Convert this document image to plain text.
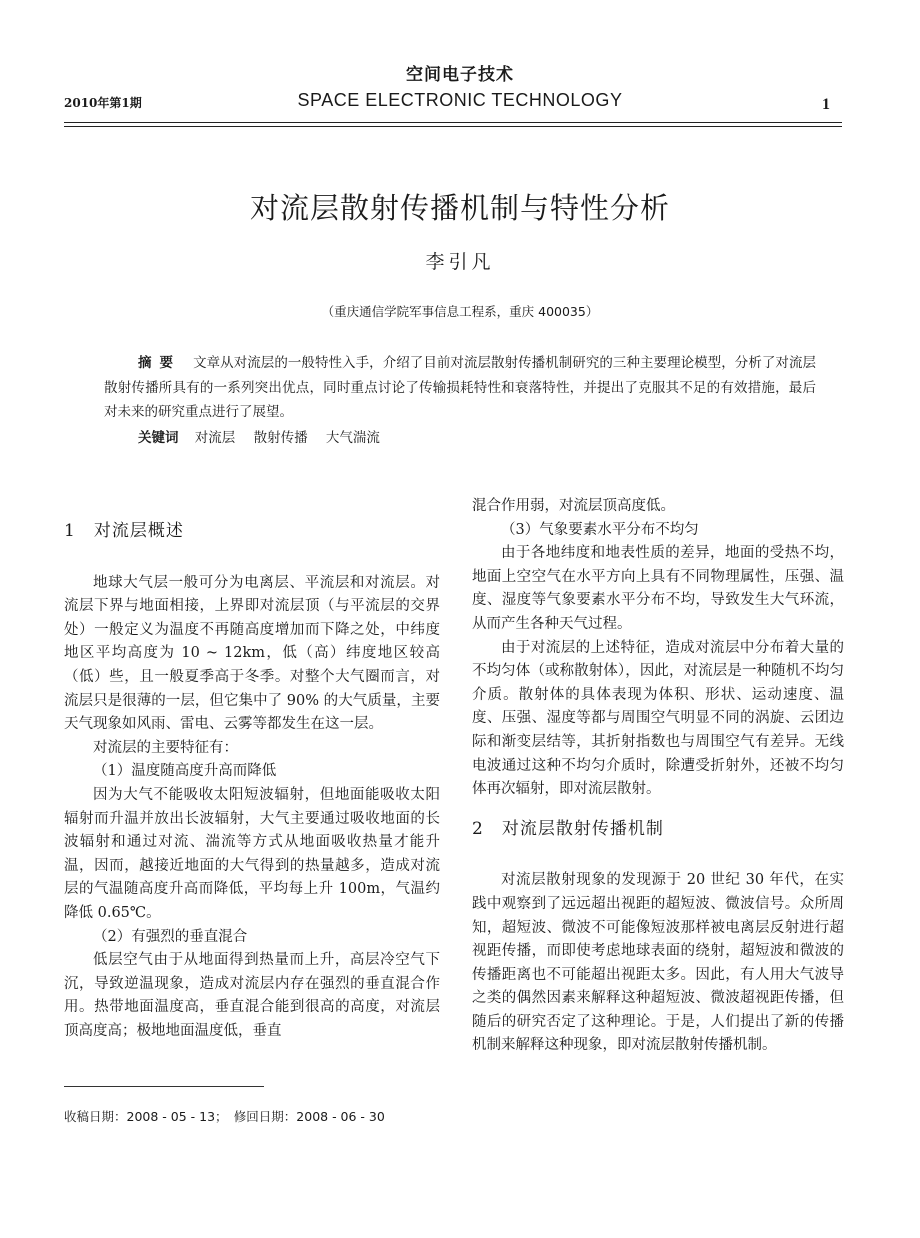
2010年第1期
空间电子技术
SPACE ELECTRONIC TECHNOLOGY	1
对流层散射传播机制与特性分析
李引凡
（重庆通信学院军事信息工程系，重庆 400035）
摘要 文章从对流层的一般特性入手，介绍了目前对流层散射传播机制研究的三种主要理论模型，分析了对流层散射传播所具有的一系列突出优点，同时重点讨论了传输损耗特性和衰落特性，并提出了克服其不足的有效措施，最后对未来的研究重点进行了展望。
关键词 对流层 散射传播 大气湍流

1 对流层概述

地球大气层一般可分为电离层、平流层和对流层。对流层下界与地面相接，上界即对流层顶（与平流层的交界处）一般定义为温度不再随高度增加而下降之处，中纬度地区平均高度为 10 ~ 12km，低（高）纬度地区较高（低）些，且一般夏季高于冬季。对整个大气圈而言，对流层只是很薄的一层，但它集中了 90% 的大气质量，主要天气现象如风雨、雷电、云雾等都发生在这一层。

对流层的主要特征有：

（1）温度随高度升高而降低

因为大气不能吸收太阳短波辐射，但地面能吸收太阳辐射而升温并放出长波辐射，大气主要通过吸收地面的长波辐射和通过对流、湍流等方式从地面吸收热量才能升温，因而，越接近地面的大气得到的热量越多，造成对流层的气温随高度升高而降低，平均每上升 100m，气温约降低 0.65℃。

（2）有强烈的垂直混合

低层空气由于从地面得到热量而上升，高层冷空气下沉，导致逆温现象，造成对流层内存在强烈的垂直混合作用。热带地面温度高，垂直混合能到很高的高度，对流层顶高度高；极地地面温度低，垂直

混合作用弱，对流层顶高度低。

（3）气象要素水平分布不均匀

由于各地纬度和地表性质的差异，地面的受热不均，地面上空空气在水平方向上具有不同物理属性，压强、温度、湿度等气象要素水平分布不均，导致发生大气环流，从而产生各种天气过程。

由于对流层的上述特征，造成对流层中分布着大量的不均匀体（或称散射体），因此，对流层是一种随机不均匀介质。散射体的具体表现为体积、形状、运动速度、温度、压强、湿度等都与周围空气明显不同的涡旋、云团边际和渐变层结等，其折射指数也与周围空气有差异。无线电波通过这种不均匀介质时，除遭受折射外，还被不均匀体再次辐射，即对流层散射。

2 对流层散射传播机制

对流层散射现象的发现源于 20 世纪 30 年代，在实践中观察到了远远超出视距的超短波、微波信号。众所周知，超短波、微波不可能像短波那样被电离层反射进行超视距传播，而即使考虑地球表面的绕射，超短波和微波的传播距离也不可能超出视距太多。因此，有人用大气波导之类的偶然因素来解释这种超短波、微波超视距传播，但随后的研究否定了这种理论。于是，人们提出了新的传播机制来解释这种现象，即对流层散射传播机制。

收稿日期：2008 - 05 - 13；　修回日期：2008 - 06 - 30
